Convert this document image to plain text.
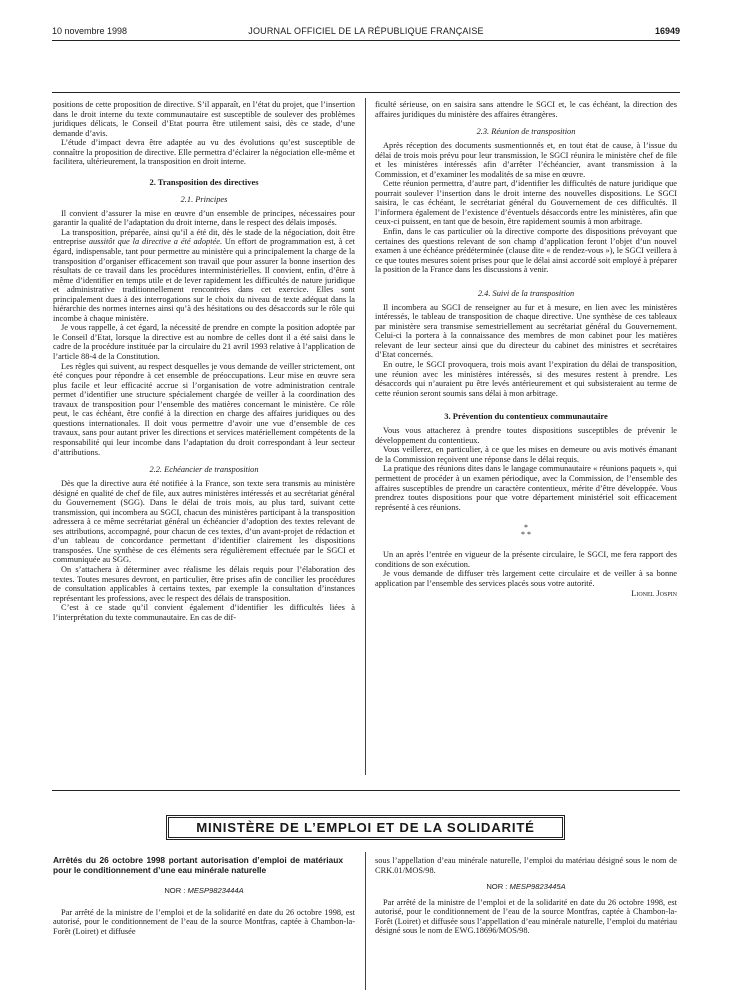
10 novembre 1998	JOURNAL OFFICIEL DE LA RÉPUBLIQUE FRANÇAISE	16949

positions de cette proposition de directive. S’il apparaît, en l’état du projet, que l’insertion dans le droit interne du texte communautaire est susceptible de soulever des problèmes juridiques délicats, le Conseil d’Etat pourra être utilement saisi, dès ce stade, d’une demande d’avis.

L’étude d’impact devra être adaptée au vu des évolutions qu’est susceptible de connaître la proposition de directive. Elle permettra d’éclairer la négociation elle-même et facilitera, ultérieurement, la transposition en droit interne.

2. Transposition des directives
2.1. Principes

Il convient d’assurer la mise en œuvre d’un ensemble de principes, nécessaires pour garantir la qualité de l’adaptation du droit interne, dans le respect des délais imposés.

La transposition, préparée, ainsi qu’il a été dit, dès le stade de la négociation, doit être entreprise aussitôt que la directive a été adoptée. Un effort de programmation est, à cet égard, indispensable, tant pour permettre au ministère qui a principalement la charge de la transposition d’organiser efficacement son travail que pour assurer la bonne insertion des résultats de ce travail dans les procédures interministérielles. Il convient, enfin, d’être à même d’identifier en temps utile et de lever rapidement les difficultés de nature juridique et administrative traditionnellement rencontrées dans cet exercice. Elles sont principalement dues à des interrogations sur le choix du niveau de texte adéquat dans la hiérarchie des normes internes ainsi qu’à des hésitations ou des désaccords sur le rôle qui incombe à chaque ministère.

Je vous rappelle, à cet égard, la nécessité de prendre en compte la position adoptée par le Conseil d’Etat, lorsque la directive est au nombre de celles dont il a été saisi dans le cadre de la procédure instituée par la circulaire du 21 avril 1993 relative à l’application de l’article 88-4 de la Constitution.

Les règles qui suivent, au respect desquelles je vous demande de veiller strictement, ont été conçues pour répondre à cet ensemble de préoccupations. Leur mise en œuvre sera plus facile et leur efficacité accrue si l’organisation de votre administration centrale permet d’identifier une structure spécialement chargée de veiller à la coordination des travaux de transposition pour l’ensemble des matières concernant le ministère. Ce rôle peut, le cas échéant, être confié à la direction en charge des affaires juridiques ou des questions internationales. Il doit vous permettre d’avoir une vue d’ensemble de ces travaux, sans pour autant priver les directions et services matériellement compétents de la responsabilité qui leur incombe dans l’adaptation du droit correspondant à leur secteur d’attributions.

2.2. Echéancier de transposition

Dès que la directive aura été notifiée à la France, son texte sera transmis au ministère désigné en qualité de chef de file, aux autres ministères intéressés et au secrétariat général du Gouvernement (SGG). Dans le délai de trois mois, au plus tard, suivant cette transmission, qui incombera au SGCI, chacun des ministères participant à la transposition adressera à ce même secrétariat général un échéancier d’adoption des textes relevant de ses attributions, accompagné, pour chacun de ces textes, d’un avant-projet de rédaction et d’un tableau de concordance permettant d’identifier clairement les dispositions transposées. Une synthèse de ces éléments sera régulièrement effectuée par le SGCI et communiquée au SGG.

On s’attachera à déterminer avec réalisme les délais requis pour l’élaboration des textes. Toutes mesures devront, en particulier, être prises afin de concilier les procédures de consultation applicables à certains textes, par exemple la consultation d’instances représentant les professions, avec le respect des délais de transposition.

C’est à ce stade qu’il convient également d’identifier les difficultés liées à l’interprétation du texte communautaire. En cas de dif-

ficulté sérieuse, on en saisira sans attendre le SGCI et, le cas échéant, la direction des affaires juridiques du ministère des affaires étrangères.

2.3. Réunion de transposition

Après réception des documents susmentionnés et, en tout état de cause, à l’issue du délai de trois mois prévu pour leur transmission, le SGCI réunira le ministère chef de file et les ministères intéressés afin d’arrêter l’échéancier, avant transmission à la Commission, et d’examiner les modalités de sa mise en œuvre.

Cette réunion permettra, d’autre part, d’identifier les difficultés de nature juridique que pourrait soulever l’insertion dans le droit interne des nouvelles dispositions. Le SGCI saisira, le cas échéant, le secrétariat général du Gouvernement de ces difficultés. Il l’informera également de l’existence d’éventuels désaccords entre les ministères, afin que ceux-ci puissent, en tant que de besoin, être rapidement soumis à mon arbitrage.

Enfin, dans le cas particulier où la directive comporte des dispositions prévoyant que certaines des questions relevant de son champ d’application feront l’objet d’un nouvel examen à une échéance prédéterminée (clause dite « de rendez-vous »), le SGCI veillera à ce que toutes mesures soient prises pour que le délai ainsi accordé soit employé à préparer la position de la France dans les discussions à venir.

2.4. Suivi de la transposition

Il incombera au SGCI de renseigner au fur et à mesure, en lien avec les ministères intéressés, le tableau de transposition de chaque directive. Une synthèse de ces tableaux par ministère sera transmise semestriellement au secrétariat général du Gouvernement. Celui-ci la portera à la connaissance des membres de mon cabinet pour les matières relevant de leur secteur ainsi que du directeur du cabinet des ministres et secrétaires d’Etat concernés.

En outre, le SGCI provoquera, trois mois avant l’expiration du délai de transposition, une réunion avec les ministères intéressés, si des mesures restent à prendre. Les désaccords qui n’auraient pu être levés antérieurement et qui subsisteraient au terme de cette réunion seront soumis sans délai à mon arbitrage.

3. Prévention du contentieux communautaire

Vous vous attacherez à prendre toutes dispositions susceptibles de prévenir le développement du contentieux.

Vous veillerez, en particulier, à ce que les mises en demeure ou avis motivés émanant de la Commission reçoivent une réponse dans le délai requis.

La pratique des réunions dites dans le langage communautaire « réunions paquets », qui permettent de procéder à un examen périodique, avec la Commission, de l’ensemble des affaires susceptibles de prendre un caractère contentieux, mérite d’être développée. Vous prendrez toutes dispositions pour que votre département ministériel soit efficacement représenté à ces réunions.

*
* *

Un an après l’entrée en vigueur de la présente circulaire, le SGCI, me fera rapport des conditions de son exécution.

Je vous demande de diffuser très largement cette circulaire et de veiller à sa bonne application par l’ensemble des services placés sous votre autorité.

Lionel Jospin
MINISTÈRE DE L’EMPLOI ET DE LA SOLIDARITÉ

Arrêtés du 26 octobre 1998 portant autorisation d’emploi de matériaux pour le conditionnement d’une eau minérale naturelle

NOR : MESP9823444A

Par arrêté de la ministre de l’emploi et de la solidarité en date du 26 octobre 1998, est autorisé, pour le conditionnement de l’eau de la source Montfras, captée à Chambon-la-Forêt (Loiret) et diffusée

sous l’appellation d’eau minérale naturelle, l’emploi du matériau désigné sous le nom de CRK.01/MOS/98.

NOR : MESP9823445A

Par arrêté de la ministre de l’emploi et de la solidarité en date du 26 octobre 1998, est autorisé, pour le conditionnement de l’eau de la source Montfras, captée à Chambon-la-Forêt (Loiret) et diffusée sous l’appellation d’eau minérale naturelle, l’emploi du matériau désigné sous le nom de EWG.18696/MOS/98.
